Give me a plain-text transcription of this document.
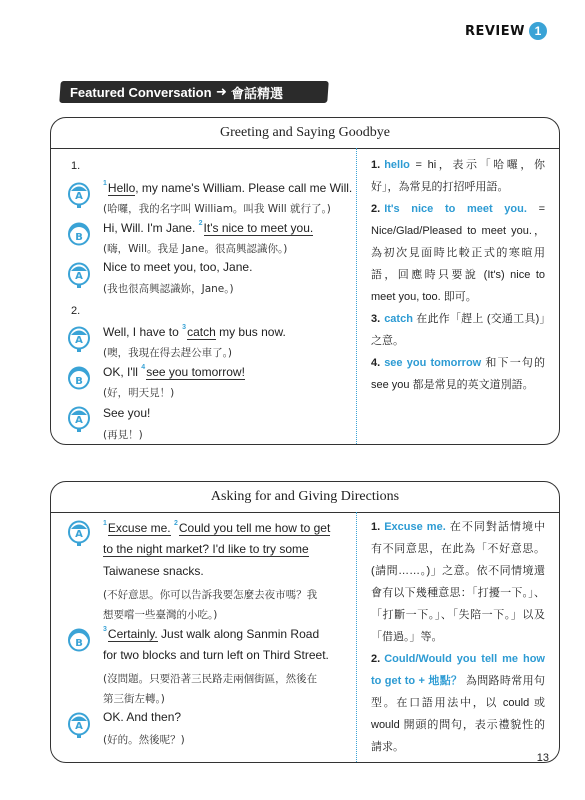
REVIEW 1
Featured Conversation ➜ 會話精選
Greeting and Saying Goodbye
1.
A
$^1$Hello, my name's William. Please call me Will.
(哈囉，我的名字叫 William。叫我 Will 就行了。)
B
Hi, Will. I'm Jane. $^2$It's nice to meet you.
(嗨，Will。我是 Jane。很高興認識你。)
A
Nice to meet you, too, Jane.
(我也很高興認識妳，Jane。)
2.
A
Well, I have to $^3$catch my bus now.
(噢，我現在得去趕公車了。)
B
OK, I'll $^4$see you tomorrow!
(好，明天見！)
A
See you!
(再見！)
1. hello = hi，表示「哈囉，你好」，為常見的打招呼用語。
2. It's nice to meet you. = Nice/Glad/Pleased to meet you.，為初次見面時比較正式的寒暄用語，回應時只要說 (It's) nice to meet you, too. 即可。
3. catch 在此作「趕上 (交通工具)」之意。
4. see you tomorrow 和下一句的 see you 都是常見的英文道別語。
Asking for and Giving Directions
A
$^1$Excuse me. $^2$Could you tell me how to get
to the night market? I'd like to try some
Taiwanese snacks.
(不好意思。你可以告訴我要怎麼去夜市嗎？我
想要嚐一些臺灣的小吃。)
B
$^3$Certainly. Just walk along Sanmin Road
for two blocks and turn left on Third Street.
(沒問題。只要沿著三民路走兩個街區，然後在
第三街左轉。)
A
OK. And then?
(好的。然後呢？)
1. Excuse me. 在不同對話情境中有不同意思，在此為「不好意思。(請問……。)」之意。依不同情境還會有以下幾種意思：「打擾一下。」、「打斷一下。」、「失陪一下。」以及「借過。」等。
2. Could/Would you tell me how to get to + 地點？ 為問路時常用句型。在口語用法中，以 could 或 would 開頭的問句，表示禮貌性的請求。
13
